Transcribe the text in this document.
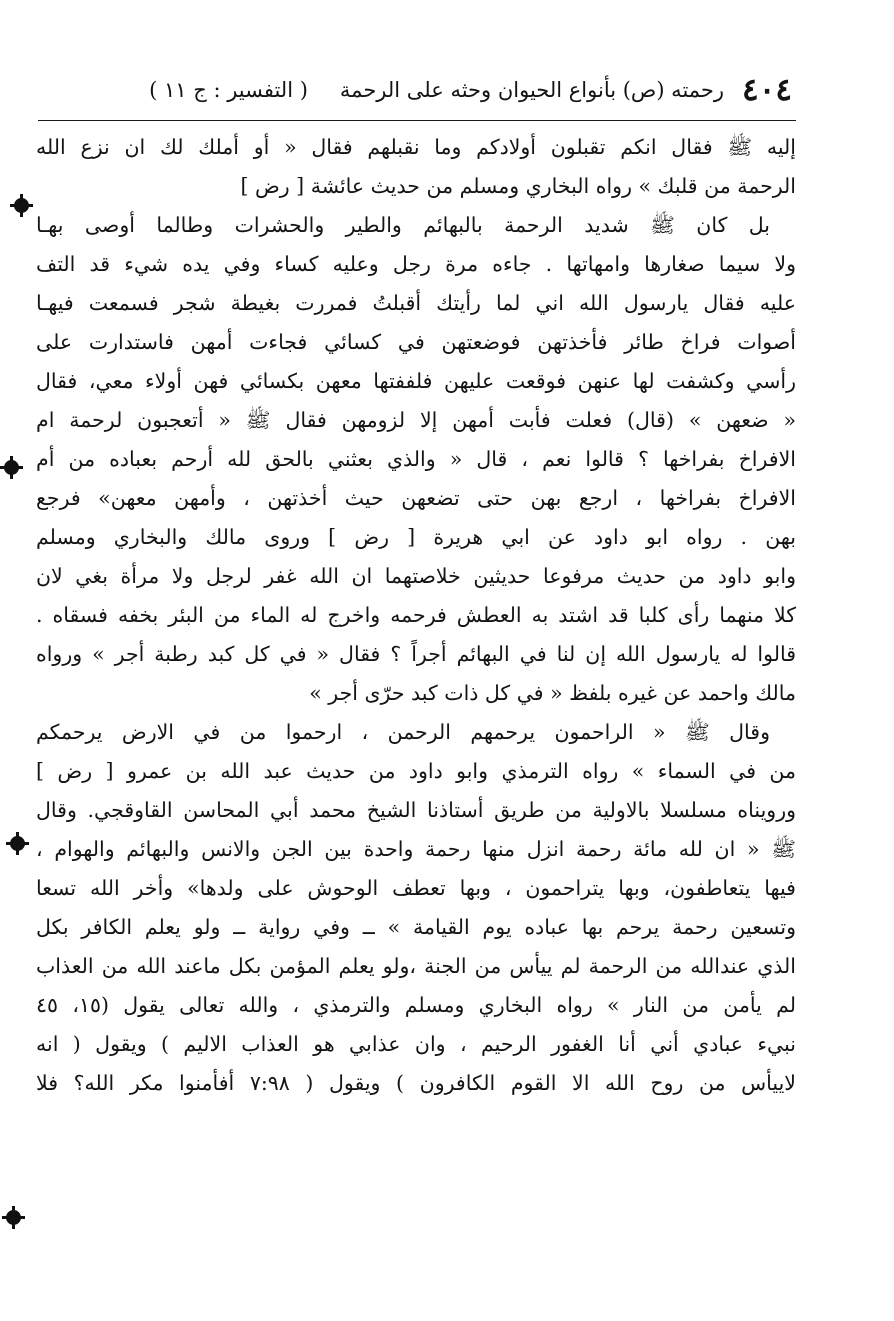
٤٠٤
رحمته (ص) بأنواع الحيوان وحثه على الرحمة
( التفسير : ج ١١ )
إليه ﷺ فقال انكم تقبلون أولادكم وما نقبلهم فقال « أو أملك لك ان نزع الله
الرحمة من قلبك » رواه البخاري ومسلم من حديث عائشة [ رض ]
بل كان ﷺ شديد الرحمة بالبهائم والطير والحشرات وطالما أوصى بهـا
ولا سيما صغارها وامهاتها . جاءه مرة رجل وعليه كساء وفي يده شيء قد التف
عليه فقال يارسول الله اني لما رأيتك أقبلتُ فمررت بغيطة شجر فسمعت فيهـا
أصوات فراخ طائر فأخذتهن فوضعتهن في كسائي فجاءت أمهن فاستدارت على
رأسي وكشفت لها عنهن فوقعت عليهن فلففتها معهن بكسائي فهن أولاء معي، فقال
« ضعهن » (قال) فعلت فأبت أمهن إلا لزومهن فقال ﷺ « أتعجبون لرحمة ام
الافراخ بفراخها ؟ قالوا نعم ، قال « والذي بعثني بالحق لله أرحم بعباده من أم
الافراخ بفراخها ، ارجع بهن حتى تضعهن حيث أخذتهن ، وأمهن معهن» فرجع
بهن . رواه ابو داود عن ابي هريرة [ رض ] وروى مالك والبخاري ومسلم
وابو داود من حديث مرفوعا حديثين خلاصتهما ان الله غفر لرجل ولا مرأة بغي لان
كلا منهما رأى كلبا قد اشتد به العطش فرحمه واخرج له الماء من البئر بخفه فسقاه .
قالوا له يارسول الله إن لنا في البهائم أجراً ؟ فقال « في كل كبد رطبة أجر » ورواه
مالك واحمد عن غيره بلفظ « في كل ذات كبد حرّى أجر »
وقال ﷺ « الراحمون يرحمهم الرحمن ، ارحموا من في الارض يرحمكم
من في السماء » رواه الترمذي وابو داود من حديث عبد الله بن عمرو [ رض ]
ورويناه مسلسلا بالاولية من طريق أستاذنا الشيخ محمد أبي المحاسن القاوقجي. وقال
ﷺ « ان لله مائة رحمة انزل منها رحمة واحدة بين الجن والانس والبهائم والهوام ،
فيها يتعاطفون، وبها يتراحمون ، وبها تعطف الوحوش على ولدها» وأخر الله تسعا
وتسعين رحمة يرحم بها عباده يوم القيامة » ــ وفي رواية ــ ولو يعلم الكافر بكل
الذي عندالله من الرحمة لم ييأس من الجنة ،ولو يعلم المؤمن بكل ماعند الله من العذاب
لم يأمن من النار » رواه البخاري ومسلم والترمذي ، والله تعالى يقول (١٥، ٤٥
نبيء عبادي أني أنا الغفور الرحيم ، وان عذابي هو العذاب الاليم ) ويقول ( انه
لاييأس من روح الله الا القوم الكافرون ) ويقول ( ٧:٩٨ أفأمنوا مكر الله؟ فلا
